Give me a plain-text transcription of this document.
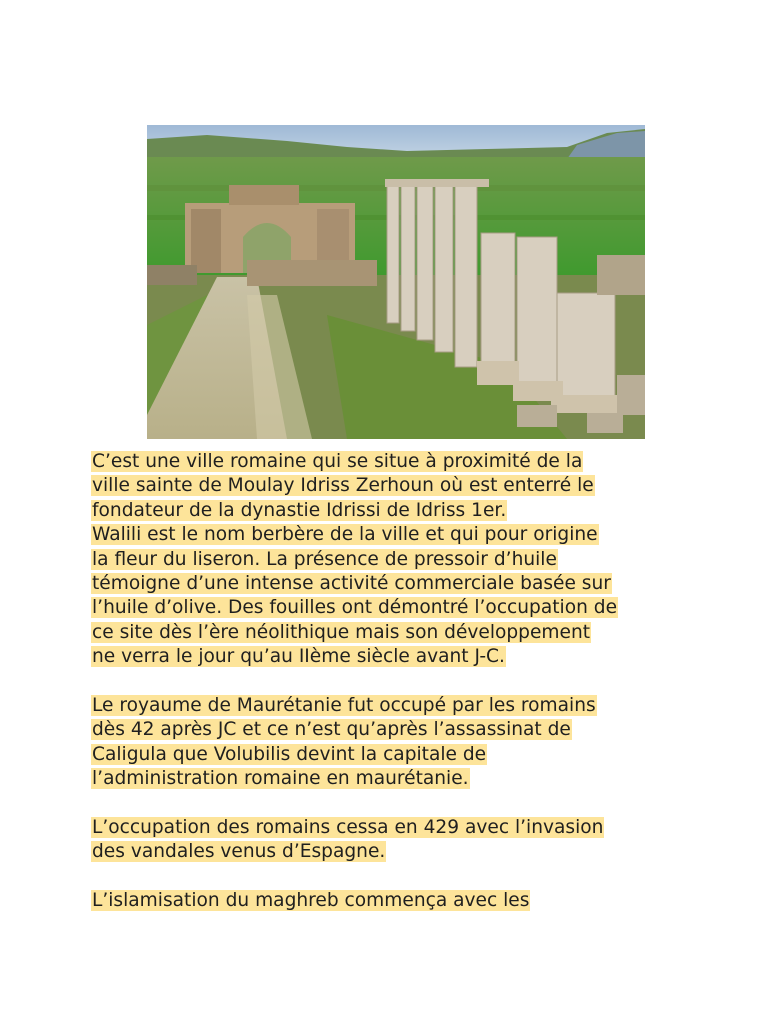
C’est une ville romaine qui se situe à proximité de la
ville sainte de Moulay Idriss Zerhoun où est enterré le
fondateur de la dynastie Idrissi de Idriss 1er.
Walili est le nom berbère de la ville et qui pour origine
la fleur du liseron. La présence de pressoir d’huile
témoigne d’une intense activité commerciale basée sur
l’huile d’olive. Des fouilles ont démontré l’occupation de
ce site dès l’ère néolithique mais son développement
ne verra le jour qu’au IIème siècle avant J-C.
Le royaume de Maurétanie fut occupé par les romains
dès 42 après JC et ce n’est qu’après l’assassinat de
Caligula que Volubilis devint la capitale de
l’administration romaine en maurétanie.
L’occupation des romains cessa en 429 avec l’invasion
des vandales venus d’Espagne.
L’islamisation du maghreb commença avec les
